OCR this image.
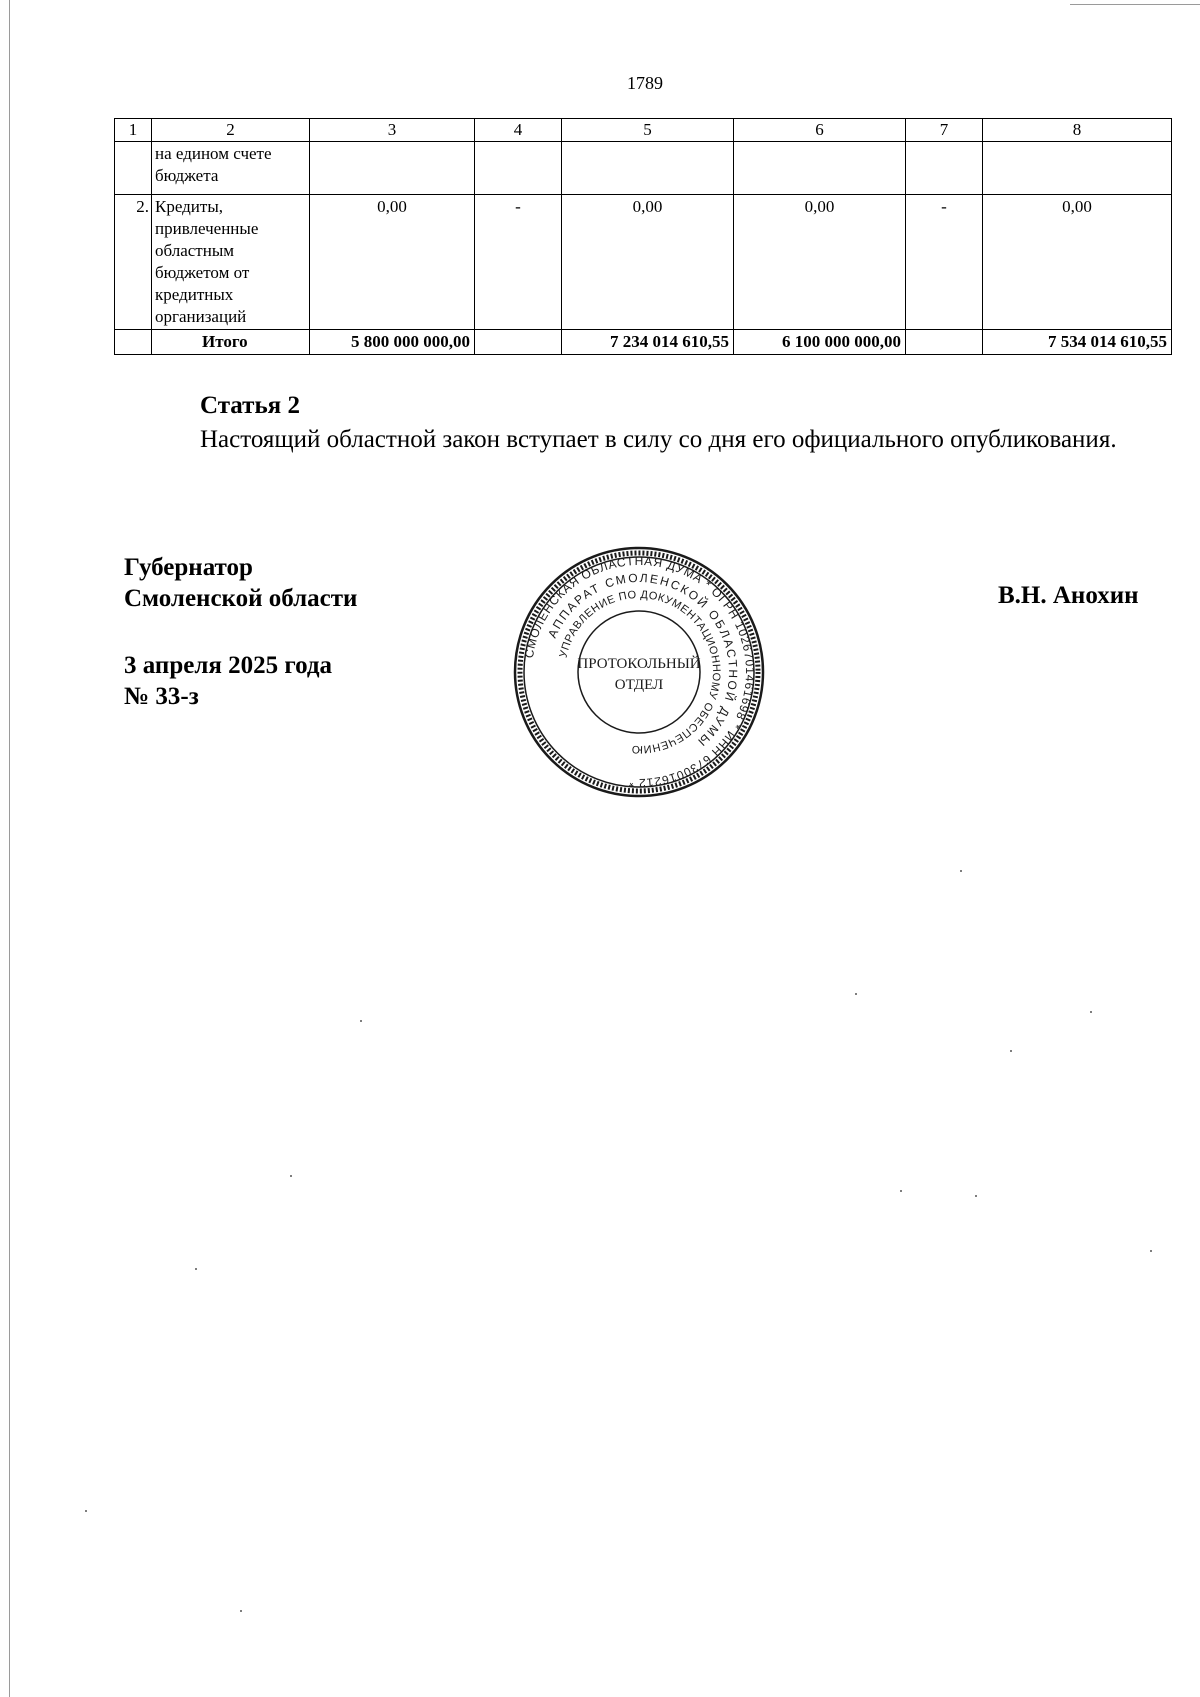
1789
1	2	3	4	5	6	7	8
	на едином счете бюджета						
2.	Кредиты, привлеченные областным бюджетом от кредитных организаций	0,00	-	0,00	0,00	-	0,00
	Итого	5 800 000 000,00		7 234 014 610,55	6 100 000 000,00		7 534 014 610,55
Статья 2
Настоящий областной закон вступает в силу со дня его официального опубликования.
Губернатор
Смоленской области
3 апреля 2025 года
№ 33-з
В.Н. Анохин
СМОЛЕНСКАЯ ОБЛАСТНАЯ ДУМА * ОГРН 1026701461698 * ИНН 6730016212 *
АППАРАТ СМОЛЕНСКОЙ ОБЛАСТНОЙ ДУМЫ
УПРАВЛЕНИЕ ПО ДОКУМЕНТАЦИОННОМУ ОБЕСПЕЧЕНИЮ
ПРОТОКОЛЬНЫЙ
ОТДЕЛ
